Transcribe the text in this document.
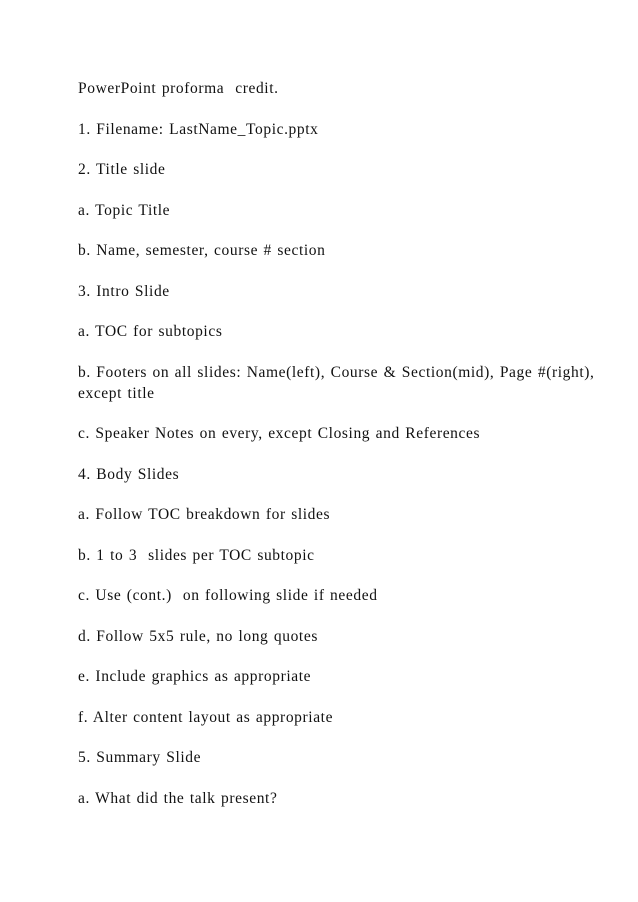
PowerPoint proforma  credit.

1. Filename: LastName_Topic.pptx

2. Title slide

a. Topic Title

b. Name, semester, course # section

3. Intro Slide

a. TOC for subtopics

b. Footers on all slides: Name(left), Course & Section(mid), Page #(right), except title

c. Speaker Notes on every, except Closing and References

4. Body Slides

a. Follow TOC breakdown for slides

b. 1 to 3  slides per TOC subtopic

c. Use (cont.)  on following slide if needed

d. Follow 5x5 rule, no long quotes

e. Include graphics as appropriate

f. Alter content layout as appropriate

5. Summary Slide

a. What did the talk present?
